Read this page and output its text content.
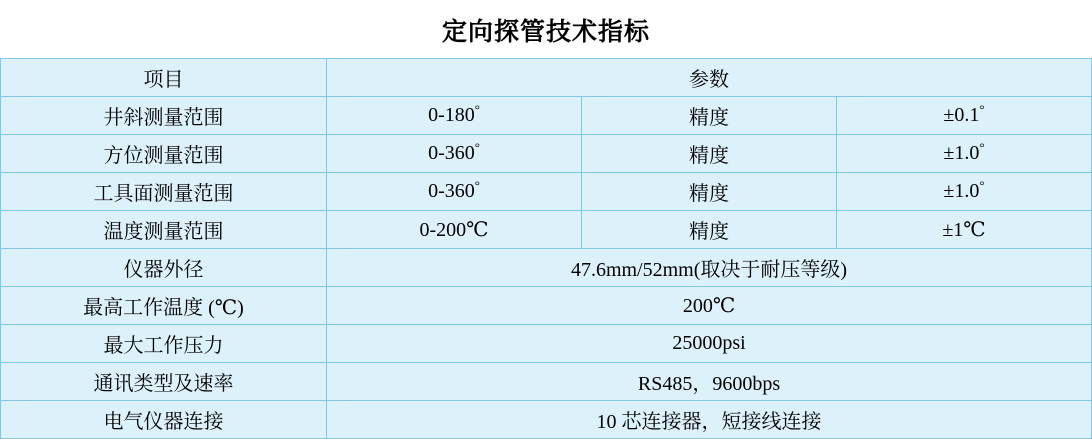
定向探管技术指标
项目	参数		
井斜测量范围	0-180°	精度	±0.1°
方位测量范围	0-360°	精度	±1.0°
工具面测量范围	0-360°	精度	±1.0°
温度测量范围	0-200℃	精度	±1℃
仪器外径	47.6mm/52mm(取决于耐压等级)		
最高工作温度 (℃)	200℃		
最大工作压力	25000psi		
通讯类型及速率	RS485，9600bps		
电气仪器连接	10 芯连接器，短接线连接		
